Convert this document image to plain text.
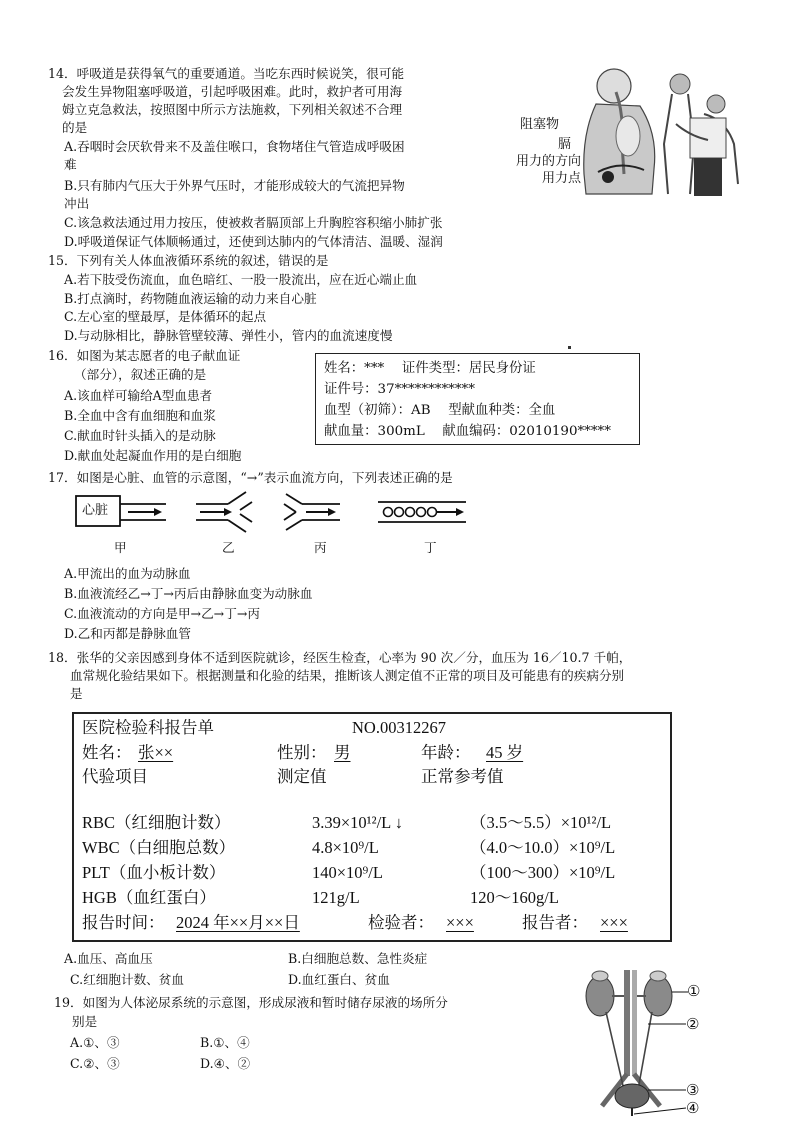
14．呼吸道是获得氧气的重要通道。当吃东西时候说笑，很可能
会发生异物阻塞呼吸道，引起呼吸困难。此时，救护者可用海
姆立克急救法，按照图中所示方法施救，下列相关叙述不合理
的是
A.吞咽时会厌软骨来不及盖住喉口，食物堵住气管造成呼吸困
难
B.只有肺内气压大于外界气压时，才能形成较大的气流把异物
冲出
C.该急救法通过用力按压，使被救者膈顶部上升胸腔容积缩小肺扩张
D.呼吸道保证气体顺畅通过，还使到达肺内的气体清洁、温暖、湿润
阻塞物
膈
用力的方向
用力点
15．下列有关人体血液循环系统的叙述，错误的是
A.若下肢受伤流血，血色暗红、一股一股流出，应在近心端止血
B.打点滴时，药物随血液运输的动力来自心脏
C.左心室的壁最厚，是体循环的起点
D.与动脉相比，静脉管壁较薄、弹性小，管内的血流速度慢
16．如图为某志愿者的电子献血证
（部分），叙述正确的是
A.该血样可输给A型血患者
B.全血中含有血细胞和血浆
C.献血时针头插入的是动脉
D.献血处起凝血作用的是白细胞

姓名：***　 证件类型：居民身份证

证件号：37************

血型（初筛）：AB　 型献血种类：全血

献血量：300mL　 献血编码：02010190*****

17．如图是心脏、血管的示意图，“→”表示血流方向，下列表述正确的是
心脏
甲	乙	丙	丁
A.甲流出的血为动脉血
B.血液流经乙→丁→丙后由静脉血变为动脉血
C.血液流动的方向是甲→乙→丁→丙
D.乙和丙都是静脉血管
18．张华的父亲因感到身体不适到医院就诊，经医生检查，心率为 90 次／分，血压为 16／10.7 千帕，
血常规化验结果如下。根据测量和化验的结果，推断该人测定值不正常的项目及可能患有的疾病分别
是
医院检验科报告单	NO.00312267
姓名： 张××	性别： 男	年龄： 45 岁
代验项目	测定值	正常参考值
RBC（红细胞计数）	3.39×10¹²/L ↓	（3.5～5.5）×10¹²/L
WBC（白细胞总数）	4.8×10⁹/L	（4.0～10.0）×10⁹/L
PLT（血小板计数）	140×10⁹/L	（100～300）×10⁹/L
HGB（血红蛋白）	121g/L	120～160g/L
报告时间： 2024 年××月××日	检验者： ×××	报告者： ×××
A.血压、高血压	B.白细胞总数、急性炎症
C.红细胞计数、贫血	D.血红蛋白、贫血
19．如图为人体泌尿系统的示意图，形成尿液和暂时储存尿液的场所分
别是
A.①、③	B.①、④
C.②、③	D.④、②
①
②
③
④
